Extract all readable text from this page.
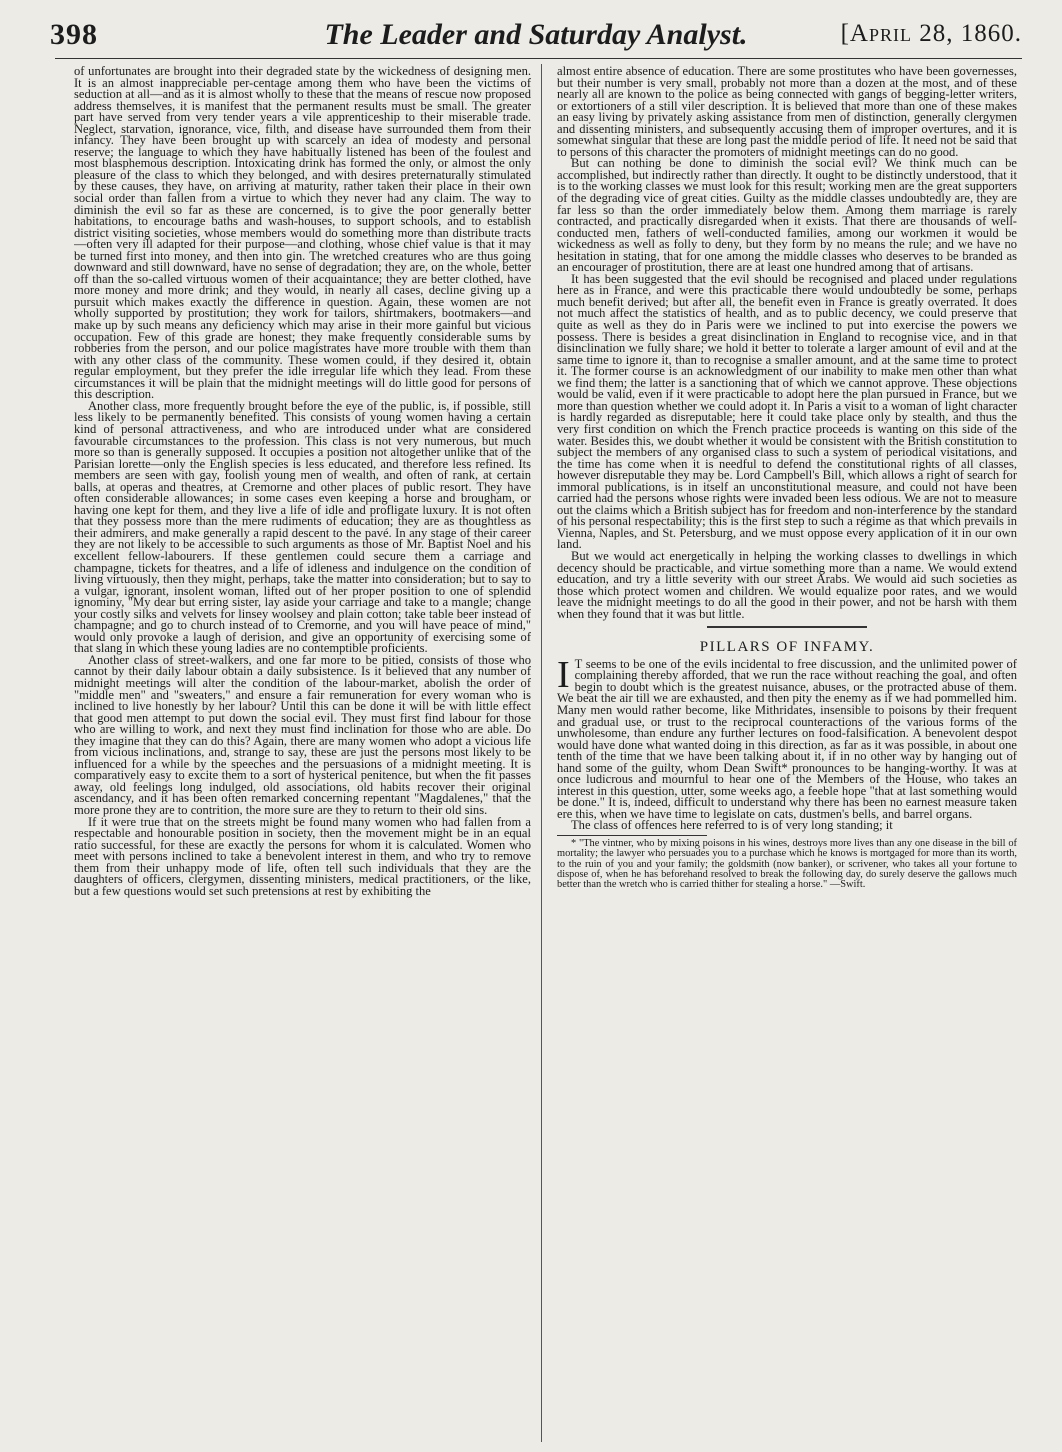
398	The Leader and Saturday Analyst.	[April 28, 1860.

of unfortunates are brought into their degraded state by the wickedness of designing men. It is an almost inappreciable per-centage among them who have been the victims of seduction at all—and as it is almost wholly to these that the means of rescue now proposed address themselves, it is manifest that the permanent results must be small. The greater part have served from very tender years a vile apprenticeship to their miserable trade. Neglect, starvation, ignorance, vice, filth, and disease have surrounded them from their infancy. They have been brought up with scarcely an idea of modesty and personal reserve; the language to which they have habitually listened has been of the foulest and most blasphemous description. Intoxicating drink has formed the only, or almost the only pleasure of the class to which they belonged, and with desires preternaturally stimulated by these causes, they have, on arriving at maturity, rather taken their place in their own social order than fallen from a virtue to which they never had any claim. The way to diminish the evil so far as these are concerned, is to give the poor generally better habitations, to encourage baths and wash-houses, to support schools, and to establish district visiting societies, whose members would do something more than distribute tracts—often very ill adapted for their purpose—and clothing, whose chief value is that it may be turned first into money, and then into gin. The wretched creatures who are thus going downward and still downward, have no sense of degradation; they are, on the whole, better off than the so-called virtuous women of their acquaintance; they are better clothed, have more money and more drink; and they would, in nearly all cases, decline giving up a pursuit which makes exactly the difference in question. Again, these women are not wholly supported by prostitution; they work for tailors, shirtmakers, bootmakers—and make up by such means any deficiency which may arise in their more gainful but vicious occupation. Few of this grade are honest; they make frequently considerable sums by robberies from the person, and our police magistrates have more trouble with them than with any other class of the community. These women could, if they desired it, obtain regular employment, but they prefer the idle irregular life which they lead. From these circumstances it will be plain that the midnight meetings will do little good for persons of this description.

Another class, more frequently brought before the eye of the public, is, if possible, still less likely to be permanently benefited. This consists of young women having a certain kind of personal attractiveness, and who are introduced under what are considered favourable circumstances to the profession. This class is not very numerous, but much more so than is generally supposed. It occupies a position not altogether unlike that of the Parisian lorette—only the English species is less educated, and therefore less refined. Its members are seen with gay, foolish young men of wealth, and often of rank, at certain balls, at operas and theatres, at Cremorne and other places of public resort. They have often considerable allowances; in some cases even keeping a horse and brougham, or having one kept for them, and they live a life of idle and profligate luxury. It is not often that they possess more than the mere rudiments of education; they are as thoughtless as their admirers, and make generally a rapid descent to the pavé. In any stage of their career they are not likely to be accessible to such arguments as those of Mr. Baptist Noel and his excellent fellow-labourers. If these gentlemen could secure them a carriage and champagne, tickets for theatres, and a life of idleness and indulgence on the condition of living virtuously, then they might, perhaps, take the matter into consideration; but to say to a vulgar, ignorant, insolent woman, lifted out of her proper position to one of splendid ignominy, "My dear but erring sister, lay aside your carriage and take to a mangle; change your costly silks and velvets for linsey woolsey and plain cotton; take table beer instead of champagne; and go to church instead of to Cremorne, and you will have peace of mind," would only provoke a laugh of derision, and give an opportunity of exercising some of that slang in which these young ladies are no contemptible proficients.

Another class of street-walkers, and one far more to be pitied, consists of those who cannot by their daily labour obtain a daily subsistence. Is it believed that any number of midnight meetings will alter the condition of the labour-market, abolish the order of "middle men" and "sweaters," and ensure a fair remuneration for every woman who is inclined to live honestly by her labour? Until this can be done it will be with little effect that good men attempt to put down the social evil. They must first find labour for those who are willing to work, and next they must find inclination for those who are able. Do they imagine that they can do this? Again, there are many women who adopt a vicious life from vicious inclinations, and, strange to say, these are just the persons most likely to be influenced for a while by the speeches and the persuasions of a midnight meeting. It is comparatively easy to excite them to a sort of hysterical penitence, but when the fit passes away, old feelings long indulged, old associations, old habits recover their original ascendancy, and it has been often remarked concerning repentant "Magdalenes," that the more prone they are to contrition, the more sure are they to return to their old sins.

If it were true that on the streets might be found many women who had fallen from a respectable and honourable position in society, then the movement might be in an equal ratio successful, for these are exactly the persons for whom it is calculated. Women who meet with persons inclined to take a benevolent interest in them, and who try to remove them from their unhappy mode of life, often tell such individuals that they are the daughters of officers, clergymen, dissenting ministers, medical practitioners, or the like, but a few questions would set such pretensions at rest by exhibiting the

almost entire absence of education. There are some prostitutes who have been governesses, but their number is very small, probably not more than a dozen at the most, and of these nearly all are known to the police as being connected with gangs of begging-letter writers, or extortioners of a still viler description. It is believed that more than one of these makes an easy living by privately asking assistance from men of distinction, generally clergymen and dissenting ministers, and subsequently accusing them of improper overtures, and it is somewhat singular that these are long past the middle period of life. It need not be said that to persons of this character the promoters of midnight meetings can do no good.

But can nothing be done to diminish the social evil? We think much can be accomplished, but indirectly rather than directly. It ought to be distinctly understood, that it is to the working classes we must look for this result; working men are the great supporters of the degrading vice of great cities. Guilty as the middle classes undoubtedly are, they are far less so than the order immediately below them. Among them marriage is rarely contracted, and practically disregarded when it exists. That there are thousands of well-conducted men, fathers of well-conducted families, among our workmen it would be wickedness as well as folly to deny, but they form by no means the rule; and we have no hesitation in stating, that for one among the middle classes who deserves to be branded as an encourager of prostitution, there are at least one hundred among that of artisans.

It has been suggested that the evil should be recognised and placed under regulations here as in France, and were this practicable there would undoubtedly be some, perhaps much benefit derived; but after all, the benefit even in France is greatly overrated. It does not much affect the statistics of health, and as to public decency, we could preserve that quite as well as they do in Paris were we inclined to put into exercise the powers we possess. There is besides a great disinclination in England to recognise vice, and in that disinclination we fully share; we hold it better to tolerate a larger amount of evil and at the same time to ignore it, than to recognise a smaller amount, and at the same time to protect it. The former course is an acknowledgment of our inability to make men other than what we find them; the latter is a sanctioning that of which we cannot approve. These objections would be valid, even if it were practicable to adopt here the plan pursued in France, but we more than question whether we could adopt it. In Paris a visit to a woman of light character is hardly regarded as disreputable; here it could take place only by stealth, and thus the very first condition on which the French practice proceeds is wanting on this side of the water. Besides this, we doubt whether it would be consistent with the British constitution to subject the members of any organised class to such a system of periodical visitations, and the time has come when it is needful to defend the constitutional rights of all classes, however disreputable they may be. Lord Campbell's Bill, which allows a right of search for immoral publications, is in itself an unconstitutional measure, and could not have been carried had the persons whose rights were invaded been less odious. We are not to measure out the claims which a British subject has for freedom and non-interference by the standard of his personal respectability; this is the first step to such a régime as that which prevails in Vienna, Naples, and St. Petersburg, and we must oppose every application of it in our own land.

But we would act energetically in helping the working classes to dwellings in which decency should be practicable, and virtue something more than a name. We would extend education, and try a little severity with our street Arabs. We would aid such societies as those which protect women and children. We would equalize poor rates, and we would leave the midnight meetings to do all the good in their power, and not be harsh with them when they found that it was but little.

PILLARS OF INFAMY.

I T seems to be one of the evils incidental to free discussion, and the unlimited power of complaining thereby afforded, that we run the race without reaching the goal, and often begin to doubt which is the greatest nuisance, abuses, or the protracted abuse of them. We beat the air till we are exhausted, and then pity the enemy as if we had pommelled him. Many men would rather become, like Mithridates, insensible to poisons by their frequent and gradual use, or trust to the reciprocal counteractions of the various forms of the unwholesome, than endure any further lectures on food-falsification. A benevolent despot would have done what wanted doing in this direction, as far as it was possible, in about one tenth of the time that we have been talking about it, if in no other way by hanging out of hand some of the guilty, whom Dean Swift* pronounces to be hanging-worthy. It was at once ludicrous and mournful to hear one of the Members of the House, who takes an interest in this question, utter, some weeks ago, a feeble hope "that at last something would be done." It is, indeed, difficult to understand why there has been no earnest measure taken ere this, when we have time to legislate on cats, dustmen's bells, and barrel organs.

The class of offences here referred to is of very long standing; it

* "The vintner, who by mixing poisons in his wines, destroys more lives than any one disease in the bill of mortality; the lawyer who persuades you to a purchase which he knows is mortgaged for more than its worth, to the ruin of you and your family; the goldsmith (now banker), or scrivener, who takes all your fortune to dispose of, when he has beforehand resolved to break the following day, do surely deserve the gallows much better than the wretch who is carried thither for stealing a horse." —Swift.
